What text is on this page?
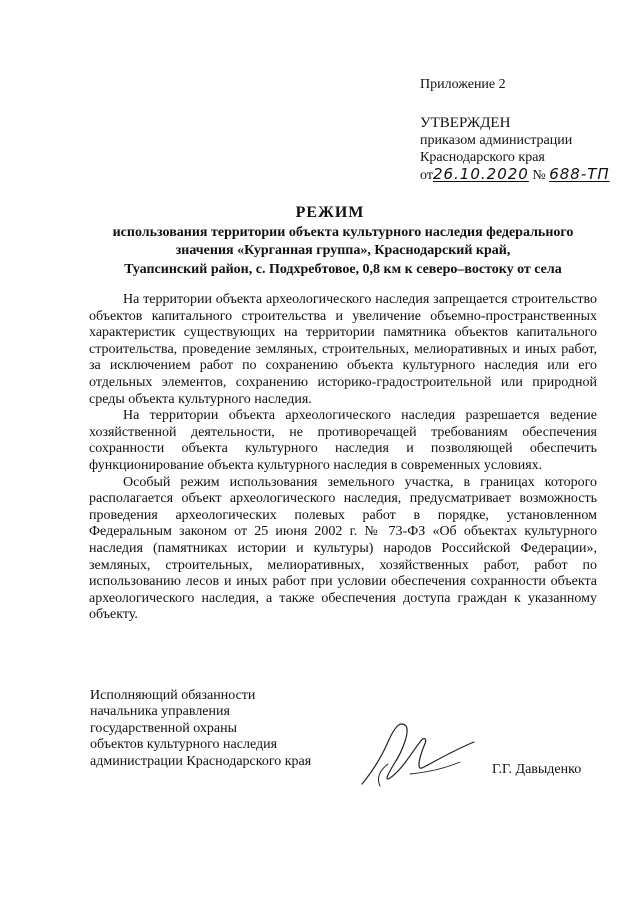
Приложение 2
УТВЕРЖДЕН
приказом администрации
Краснодарского края
от26.10.2020 № 688-ТП
РЕЖИМ
использования территории объекта культурного наследия федерального
значения «Курганная группа», Краснодарский край,
Туапсинский район, с. Подхребтовое, 0,8 км к северо–востоку от села

На территории объекта археологического наследия запрещается строительство объектов капитального строительства и увеличение объемно-пространственных характеристик существующих на территории памятника объектов капитального строительства, проведение земляных, строительных, мелиоративных и иных работ, за исключением работ по сохранению объекта культурного наследия или его отдельных элементов, сохранению историко-градостроительной или природной среды объекта культурного наследия.

На территории объекта археологического наследия разрешается ведение хозяйственной деятельности, не противоречащей требованиям обеспечения сохранности объекта культурного наследия и позволяющей обеспечить функционирование объекта культурного наследия в современных условиях.

Особый режим использования земельного участка, в границах которого располагается объект археологического наследия, предусматривает возможность проведения археологических полевых работ в порядке, установленном Федеральным законом от 25 июня 2002 г. № 73-ФЗ «Об объектах культурного наследия (памятниках истории и культуры) народов Российской Федерации», земляных, строительных, мелиоративных, хозяйственных работ, работ по использованию лесов и иных работ при условии обеспечения сохранности объекта археологического наследия, а также обеспечения доступа граждан к указанному объекту.

Исполняющий обязанности
начальника управления
государственной охраны
объектов культурного наследия
администрации Краснодарского края
Г.Г. Давыденко
